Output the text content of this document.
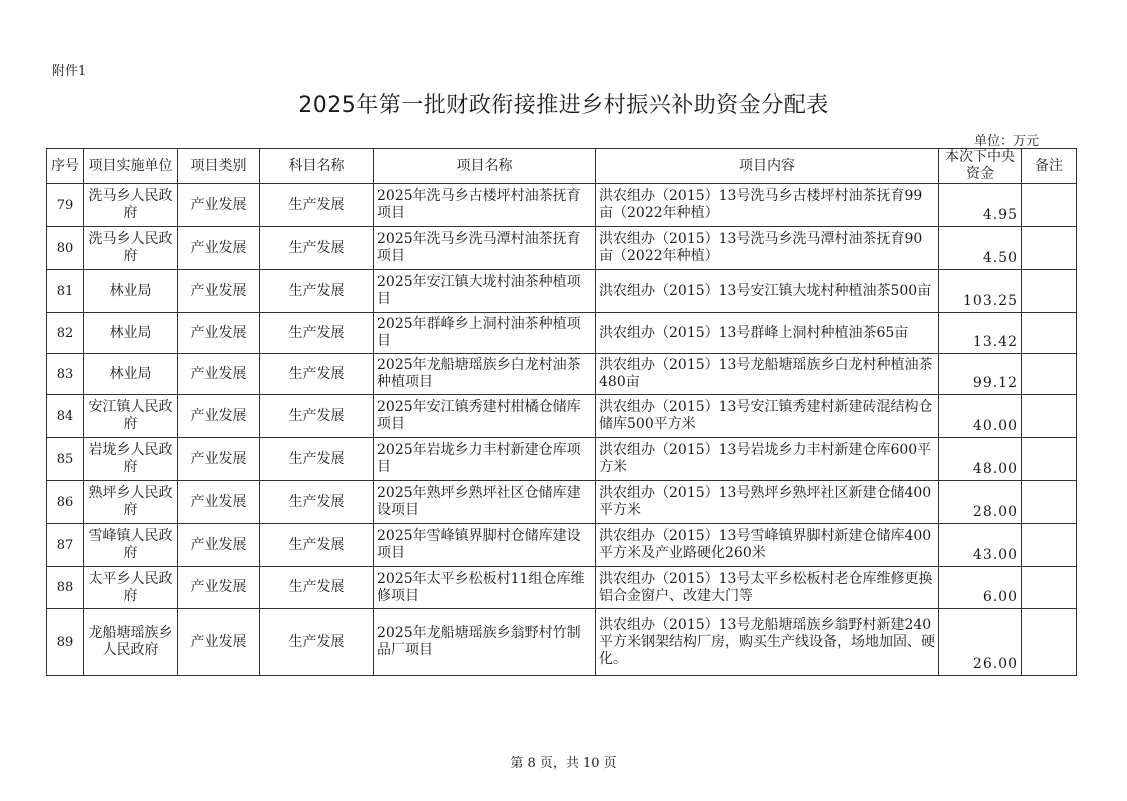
附件1
2025年第一批财政衔接推进乡村振兴补助资金分配表
单位：万元
序号	项目实施单位	项目类别	科目名称	项目名称	项目内容	本次下中央资金	备注
79	洗马乡人民政府	产业发展	生产发展	2025年洗马乡古楼坪村油茶抚育项目	洪农组办（2015）13号洗马乡古楼坪村油茶抚育99亩（2022年种植）	4.95	
80	洗马乡人民政府	产业发展	生产发展	2025年洗马乡洗马潭村油茶抚育项目	洪农组办（2015）13号洗马乡洗马潭村油茶抚育90亩（2022年种植）	4.50	
81	林业局	产业发展	生产发展	2025年安江镇大垅村油茶种植项目	洪农组办（2015）13号安江镇大垅村种植油茶500亩	103.25	
82	林业局	产业发展	生产发展	2025年群峰乡上洞村油茶种植项目	洪农组办（2015）13号群峰上洞村种植油茶65亩	13.42	
83	林业局	产业发展	生产发展	2025年龙船塘瑶族乡白龙村油茶种植项目	洪农组办（2015）13号龙船塘瑶族乡白龙村种植油茶480亩	99.12	
84	安江镇人民政府	产业发展	生产发展	2025年安江镇秀建村柑橘仓储库项目	洪农组办（2015）13号安江镇秀建村新建砖混结构仓储库500平方米	40.00	
85	岩垅乡人民政府	产业发展	生产发展	2025年岩垅乡力丰村新建仓库项目	洪农组办（2015）13号岩垅乡力丰村新建仓库600平方米	48.00	
86	熟坪乡人民政府	产业发展	生产发展	2025年熟坪乡熟坪社区仓储库建设项目	洪农组办（2015）13号熟坪乡熟坪社区新建仓储400平方米	28.00	
87	雪峰镇人民政府	产业发展	生产发展	2025年雪峰镇界脚村仓储库建设项目	洪农组办（2015）13号雪峰镇界脚村新建仓储库400平方米及产业路硬化260米	43.00	
88	太平乡人民政府	产业发展	生产发展	2025年太平乡松板村11组仓库维修项目	洪农组办（2015）13号太平乡松板村老仓库维修更换铝合金窗户、改建大门等	6.00	
89	龙船塘瑶族乡人民政府	产业发展	生产发展	2025年龙船塘瑶族乡翁野村竹制品厂项目	洪农组办（2015）13号龙船塘瑶族乡翁野村新建240平方米钢架结构厂房，购买生产线设备，场地加固、硬化。	26.00	
第 8 页，共 10 页
